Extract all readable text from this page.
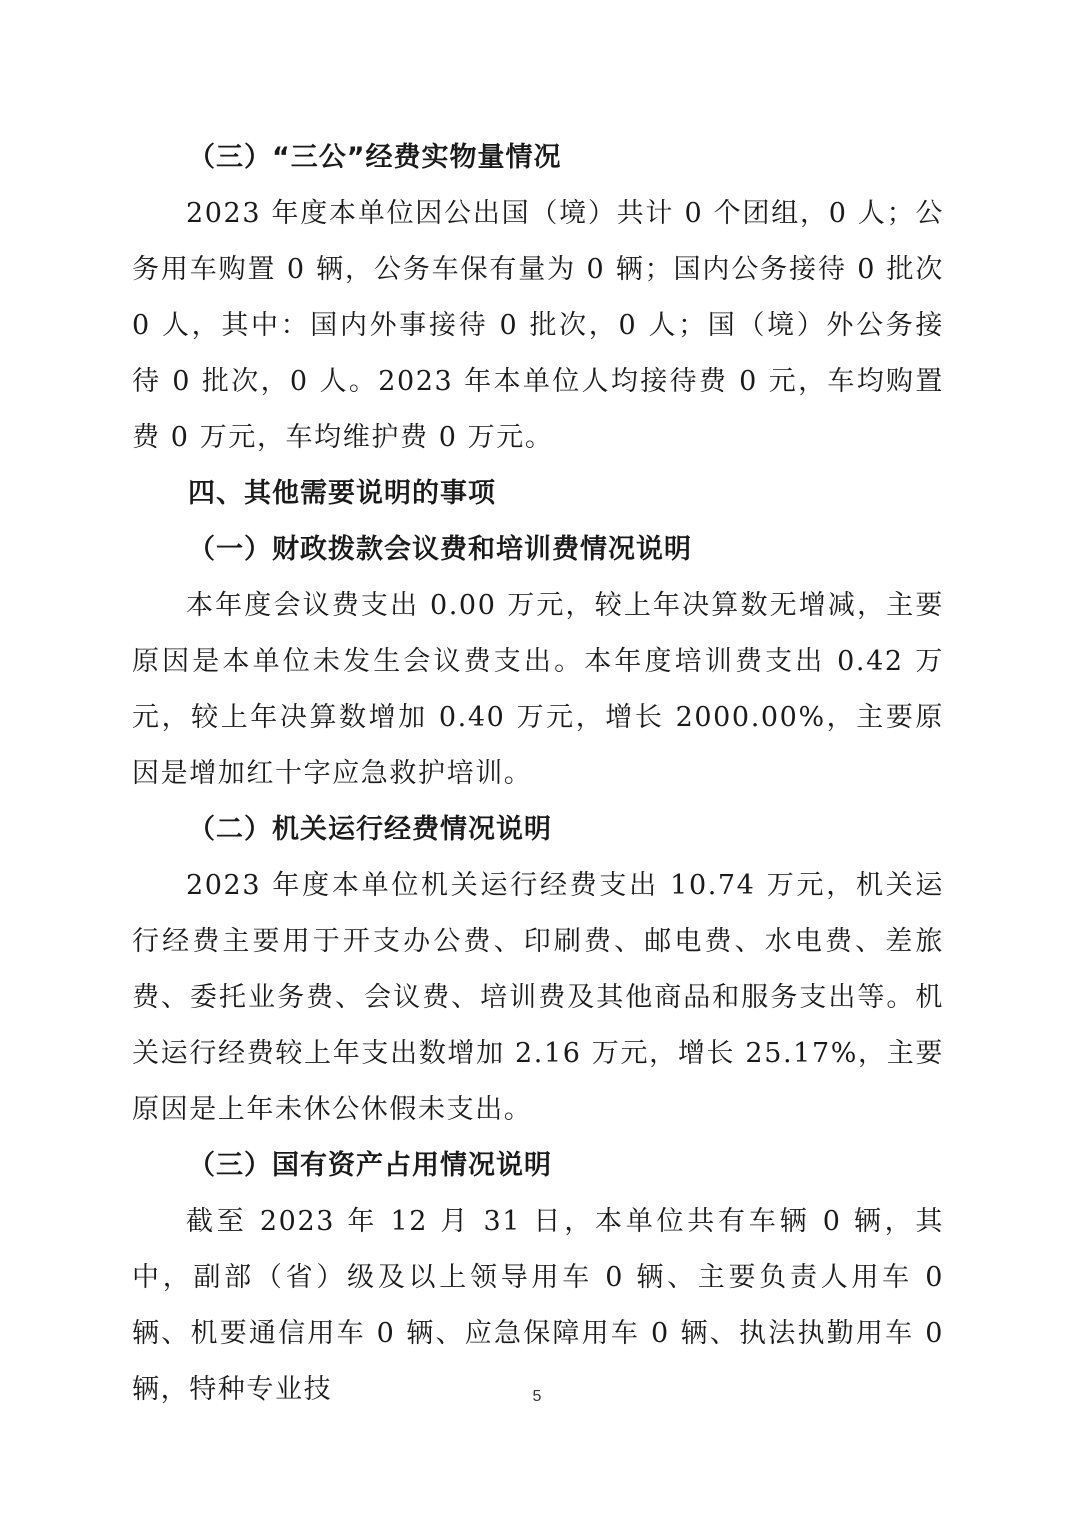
（三）“三公”经费实物量情况

2023 年度本单位因公出国（境）共计 0 个团组，0 人；公务用车购置 0 辆，公务车保有量为 0 辆；国内公务接待 0 批次 0 人，其中：国内外事接待 0 批次，0 人；国（境）外公务接待 0 批次，0 人。2023 年本单位人均接待费 0 元，车均购置费 0 万元，车均维护费 0 万元。

四、其他需要说明的事项
（一）财政拨款会议费和培训费情况说明

本年度会议费支出 0.00 万元，较上年决算数无增减，主要原因是本单位未发生会议费支出。本年度培训费支出 0.42 万元，较上年决算数增加 0.40 万元，增长 2000.00%，主要原因是增加红十字应急救护培训。

（二）机关运行经费情况说明

2023 年度本单位机关运行经费支出 10.74 万元，机关运行经费主要用于开支办公费、印刷费、邮电费、水电费、差旅费、委托业务费、会议费、培训费及其他商品和服务支出等。机关运行经费较上年支出数增加 2.16 万元，增长 25.17%，主要原因是上年未休公休假未支出。

（三）国有资产占用情况说明

截至 2023 年 12 月 31 日，本单位共有车辆 0 辆，其中，副部（省）级及以上领导用车 0 辆、主要负责人用车 0 辆、机要通信用车 0 辆、应急保障用车 0 辆、执法执勤用车 0 辆，特种专业技	5
